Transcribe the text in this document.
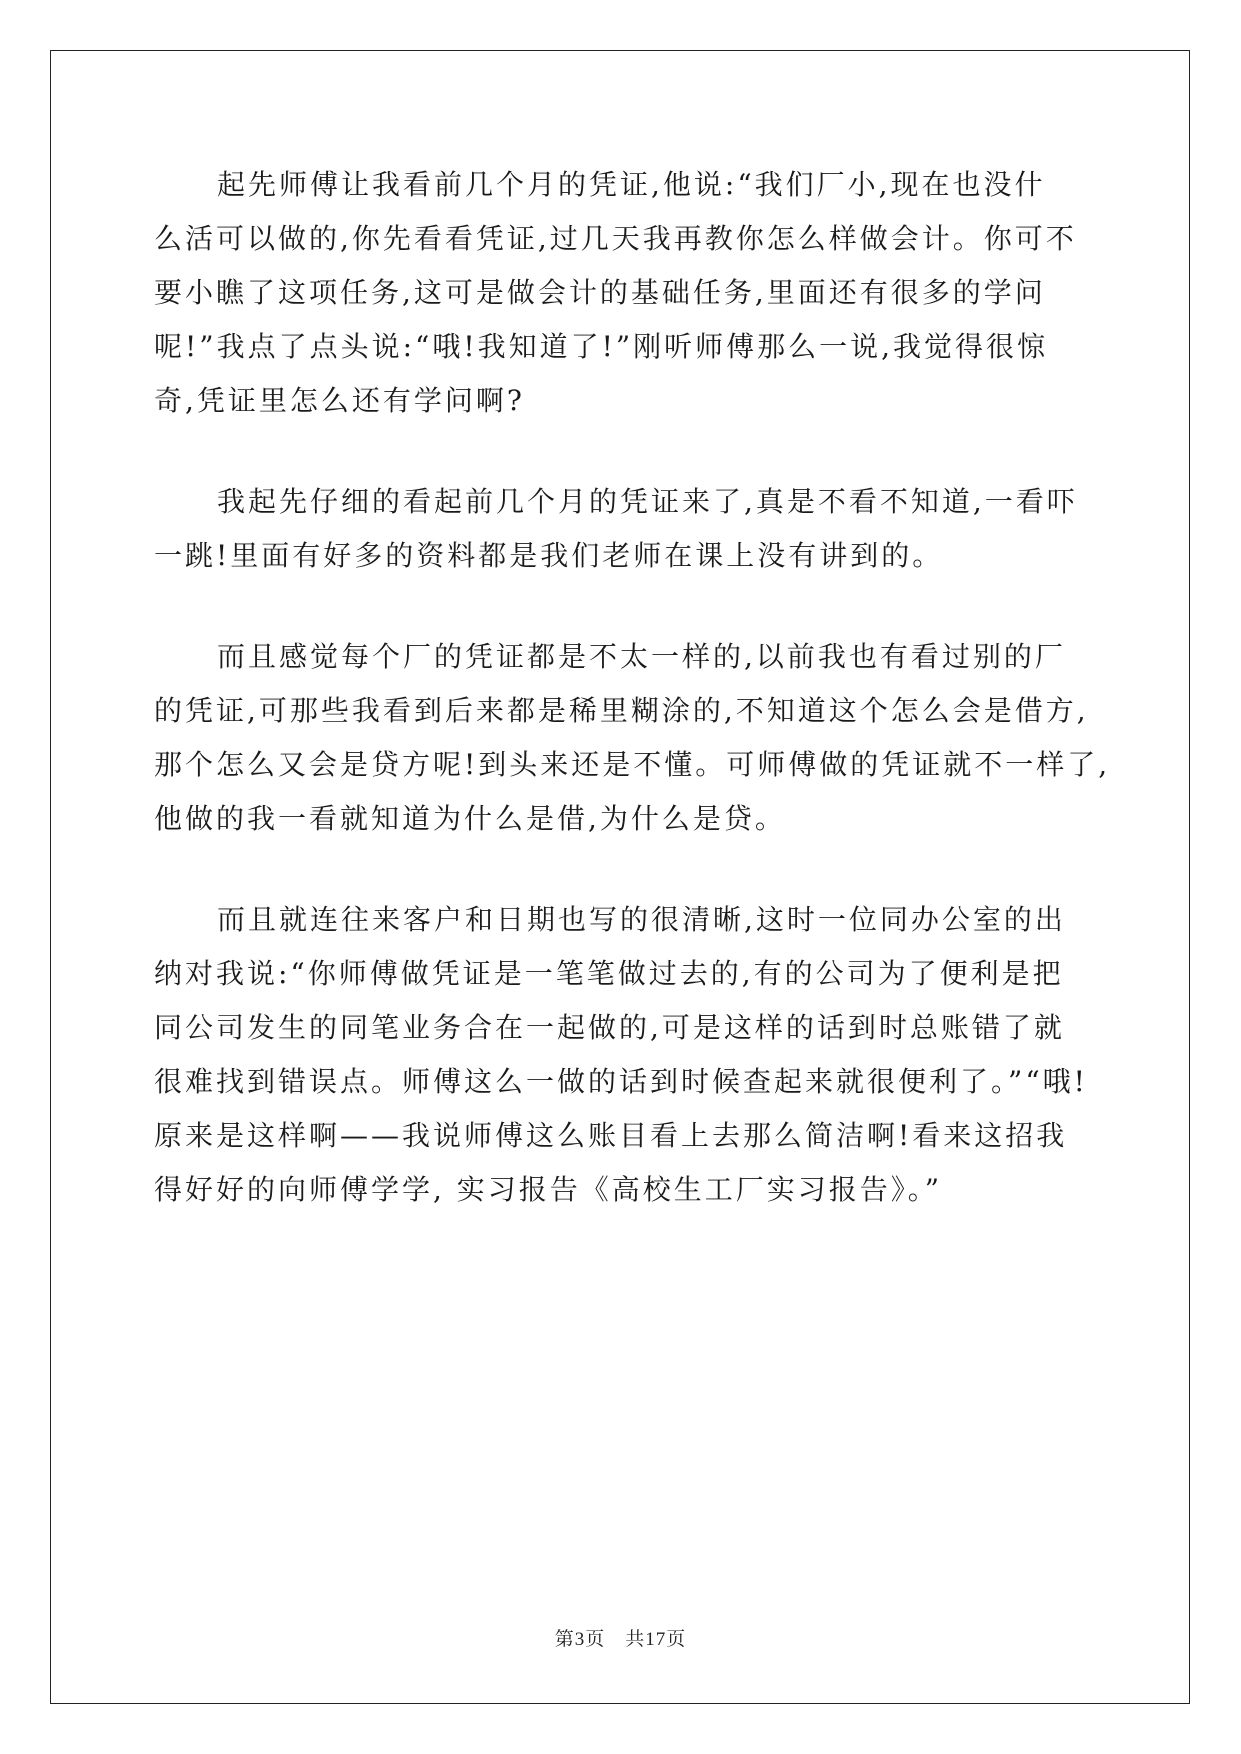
起先师傅让我看前几个月的凭证,他说:“我们厂小,现在也没什
么活可以做的,你先看看凭证,过几天我再教你怎么样做会计。你可不
要小瞧了这项任务,这可是做会计的基础任务,里面还有很多的学问
呢!”我点了点头说:“哦!我知道了!”刚听师傅那么一说,我觉得很惊
奇,凭证里怎么还有学问啊?
我起先仔细的看起前几个月的凭证来了,真是不看不知道,一看吓
一跳!里面有好多的资料都是我们老师在课上没有讲到的。
而且感觉每个厂的凭证都是不太一样的,以前我也有看过别的厂
的凭证,可那些我看到后来都是稀里糊涂的,不知道这个怎么会是借方,
那个怎么又会是贷方呢!到头来还是不懂。可师傅做的凭证就不一样了,
他做的我一看就知道为什么是借,为什么是贷。
而且就连往来客户和日期也写的很清晰,这时一位同办公室的出
纳对我说:“你师傅做凭证是一笔笔做过去的,有的公司为了便利是把
同公司发生的同笔业务合在一起做的,可是这样的话到时总账错了就
很难找到错误点。师傅这么一做的话到时候查起来就很便利了。”“哦!
原来是这样啊——我说师傅这么账目看上去那么简洁啊!看来这招我
得好好的向师傅学学, 实习报告《高校生工厂实习报告》。”
第3页 共17页
